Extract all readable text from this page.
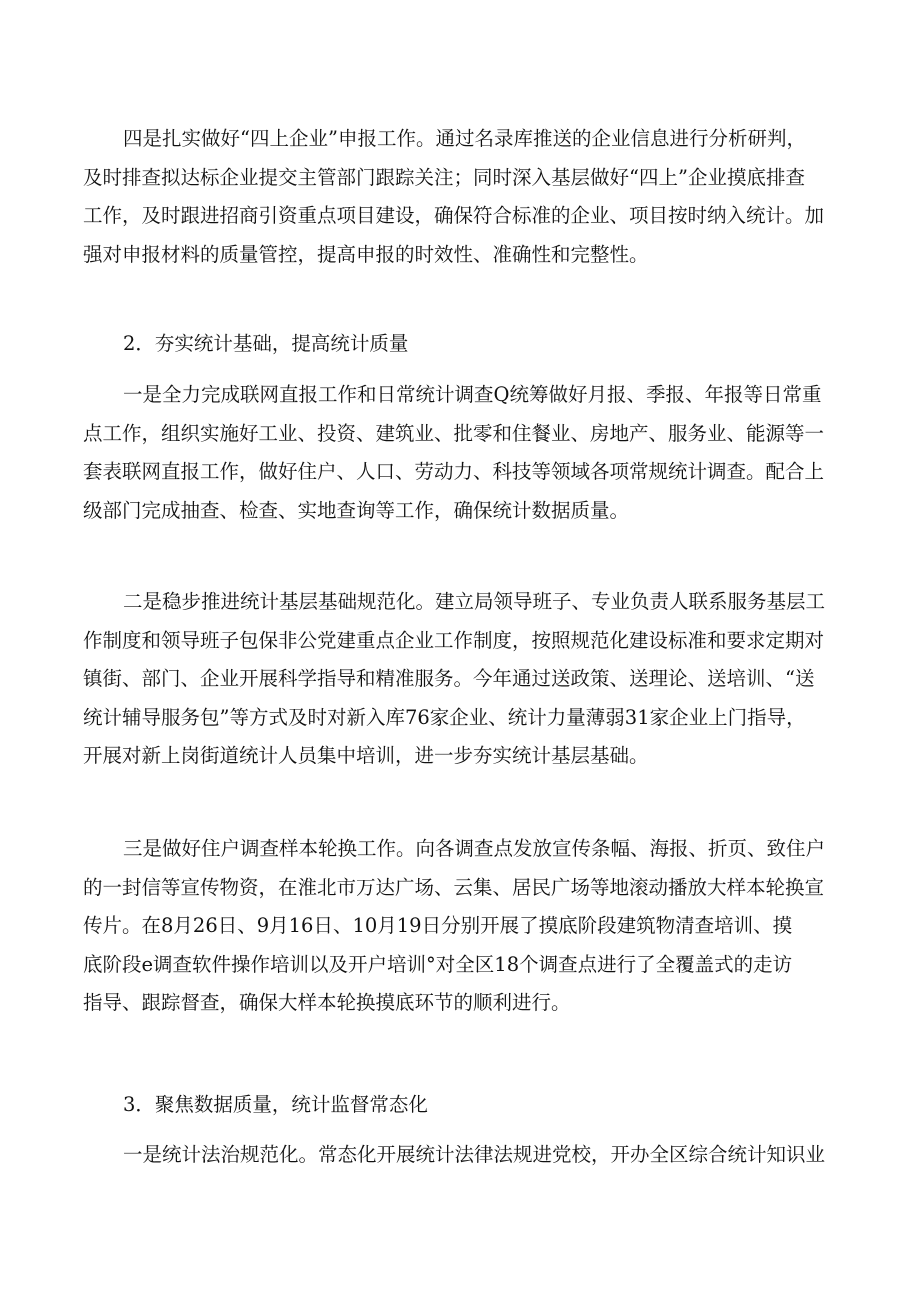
四是扎实做好“四上企业”申报工作。通过名录库推送的企业信息进行分析研判，
及时排查拟达标企业提交主管部门跟踪关注；同时深入基层做好“四上”企业摸底排查
工作，及时跟进招商引资重点项目建设，确保符合标准的企业、项目按时纳入统计。加
强对申报材料的质量管控，提高申报的时效性、准确性和完整性。
2．夯实统计基础，提高统计质量
一是全力完成联网直报工作和日常统计调查Q统筹做好月报、季报、年报等日常重
点工作，组织实施好工业、投资、建筑业、批零和住餐业、房地产、服务业、能源等一
套表联网直报工作，做好住户、人口、劳动力、科技等领域各项常规统计调查。配合上
级部门完成抽查、检查、实地查询等工作，确保统计数据质量。
二是稳步推进统计基层基础规范化。建立局领导班子、专业负责人联系服务基层工
作制度和领导班子包保非公党建重点企业工作制度，按照规范化建设标准和要求定期对
镇街、部门、企业开展科学指导和精准服务。今年通过送政策、送理论、送培训、“送
统计辅导服务包”等方式及时对新入库76家企业、统计力量薄弱31家企业上门指导，
开展对新上岗街道统计人员集中培训，进一步夯实统计基层基础。
三是做好住户调查样本轮换工作。向各调查点发放宣传条幅、海报、折页、致住户
的一封信等宣传物资，在淮北市万达广场、云集、居民广场等地滚动播放大样本轮换宣
传片。在8月26日、9月16日、10月19日分别开展了摸底阶段建筑物清查培训、摸
底阶段e调查软件操作培训以及开户培训°对全区18个调查点进行了全覆盖式的走访
指导、跟踪督查，确保大样本轮换摸底环节的顺利进行。
3．聚焦数据质量，统计监督常态化
一是统计法治规范化。常态化开展统计法律法规进党校，开办全区综合统计知识业
